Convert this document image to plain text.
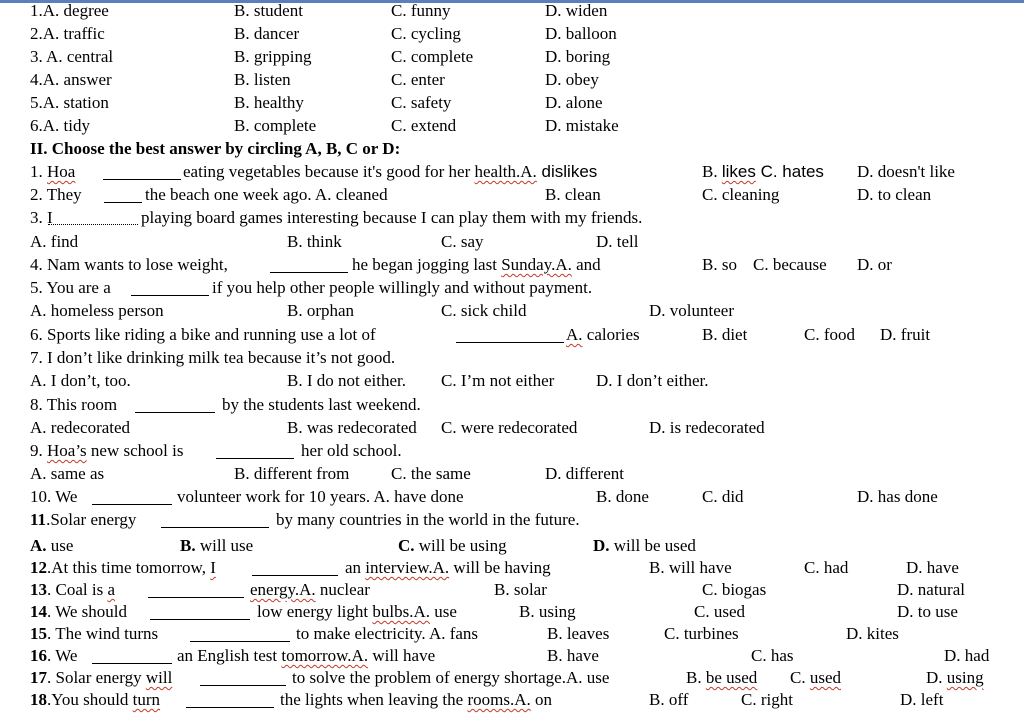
1.A. degree	B. student	C. funny	D. widen
2.A. traffic	B. dancer	C. cycling	D. balloon
3. A. central	B. gripping	C. complete	D. boring
4.A. answer	B. listen	C. enter	D. obey
5.A. station	B. healthy	C. safety	D. alone
6.A. tidy	B. complete	C. extend	D. mistake
II. Choose the best answer by circling A, B, C or D:
1. Hoa	eating vegetables because it's good for her health.A. dislikes	B. likes C. hates D. doesn't like
2. They	the beach one week ago. A. cleaned	B. clean	C. cleaning	D. to clean
3. I	playing board games interesting because I can play them with my friends.
A. find	B. think	C. say	D. tell
4. Nam wants to lose weight,	he began jogging last Sunday.A. and	B. so C. because D. or
5. You are a	if you help other people willingly and without payment.
A. homeless person	B. orphan	C. sick child	D. volunteer
6. Sports like riding a bike and running use a lot of	A. calories	B. diet	C. food D. fruit
7. I don’t like drinking milk tea because it’s not good.
A. I don’t, too.	B. I do not either. C. I’m not either D. I don’t either.
8. This room	by the students last weekend.
A. redecorated	B. was redecorated C. were redecorated	D. is redecorated
9. Hoa’s new school is	her old school.
A. same as	B. different from C. the same	D. different
10. We	volunteer work for 10 years. A. have done	B. done	C. did	D. has done
11.Solar energy	by many countries in the world in the future.
A. use	B. will use	C. will be using	D. will be used
12.At this time tomorrow, I	an interview.A. will be having	B. will have	C. had	D. have
13. Coal is a	energy.A. nuclear	B. solar	C. biogas	D. natural
14. We should	low energy light bulbs.A. use	B. using	C. used	D. to use
15. The wind turns	to make electricity. A. fans	B. leaves	C. turbines	D. kites
16. We	an English test tomorrow.A. will have	B. have	C. has	D. had
17. Solar energy will	to solve the problem of energy shortage.A. use	B. be used C. used	D. using
18.You should turn	the lights when leaving the rooms.A. on	B. off	C. right	D. left
